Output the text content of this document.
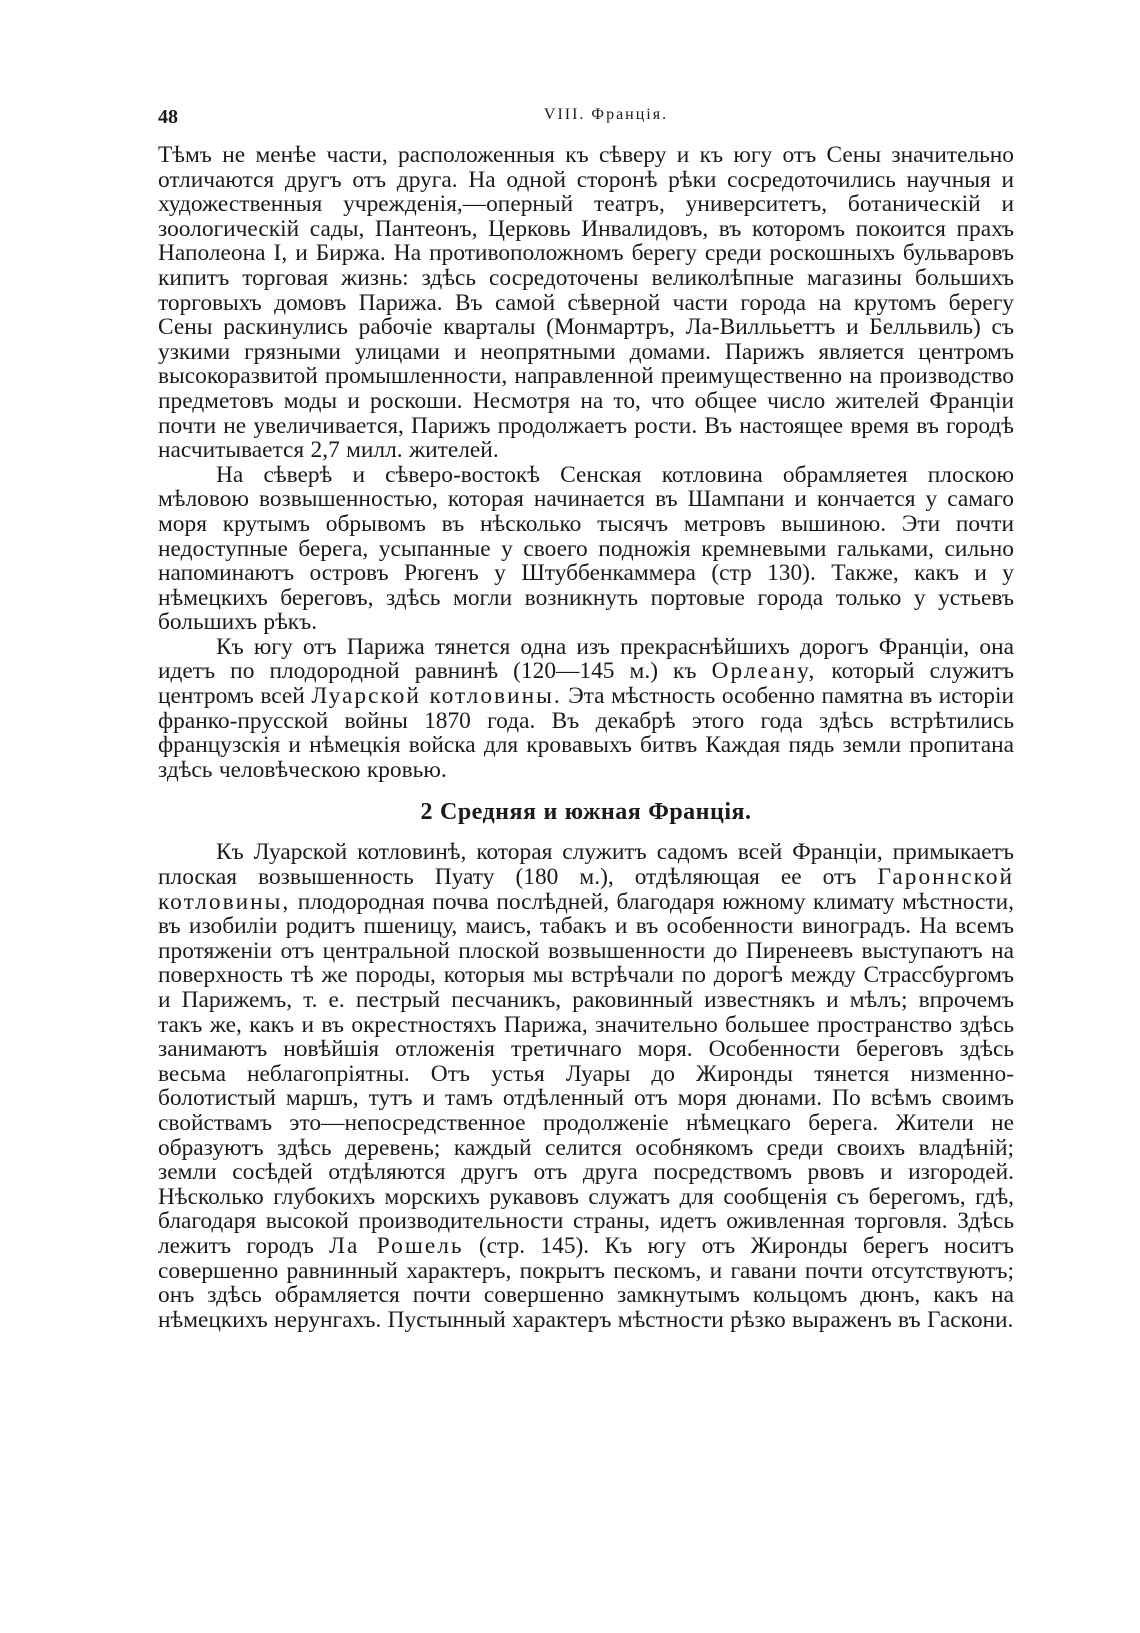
48	VIII. Франція.

Тѣмъ не менѣе части, расположенныя къ сѣверу и къ югу отъ Сены значительно отличаются другъ отъ друга. На одной сторонѣ рѣки сосредоточились научныя и художественныя учрежденія,—оперный театръ, университетъ, ботаническій и зоологическій сады, Пантеонъ, Церковь Инвалидовъ, въ которомъ покоится прахъ Наполеона I, и Биржа. На противоположномъ берегу среди роскошныхъ бульваровъ кипитъ торговая жизнь: здѣсь сосредоточены великолѣпные магазины большихъ торговыхъ домовъ Парижа. Въ самой сѣверной части города на крутомъ берегу Сены раскинулись рабочіе кварталы (Монмартръ, Ла-Виллььеттъ и Белльвиль) съ узкими грязными улицами и неопрятными домами. Парижъ является центромъ высокоразвитой промышленности, направленной преимущественно на производство предметовъ моды и роскоши. Несмотря на то, что общее число жителей Франціи почти не увеличивается, Парижъ продолжаетъ рости. Въ настоящее время въ городѣ насчитывается 2,7 милл. жителей.

На сѣверѣ и сѣверо-востокѣ Сенская котловина обрамляетея плоскою мѣловою возвышенностью, которая начинается въ Шампани и кончается у самаго моря крутымъ обрывомъ въ нѣсколько тысячъ метровъ вышиною. Эти почти недоступные берега, усыпанные у своего подножія кремневыми гальками, сильно напоминаютъ островъ Рюгенъ у Штуббенкаммера (стр 130). Также, какъ и у нѣмецкихъ береговъ, здѣсь могли возникнуть портовые города только у устьевъ большихъ рѣкъ.

Къ югу отъ Парижа тянется одна изъ прекраснѣйшихъ дорогъ Франціи, она идетъ по плодородной равнинѣ (120—145 м.) къ Орлеану, который служитъ центромъ всей Луарской котловины. Эта мѣстность особенно памятна въ исторіи франко-прусской войны 1870 года. Въ декабрѣ этого года здѣсь встрѣтились французскія и нѣмецкія войска для кровавыхъ битвъ Каждая пядь земли пропитана здѣсь человѣческою кровью.

2 Средняя и южная Франція.

Къ Луарской котловинѣ, которая служитъ садомъ всей Франціи, примыкаетъ плоская возвышенность Пуату (180 м.), отдѣляющая ее отъ Гароннской котловины, плодородная почва послѣдней, благодаря южному климату мѣстности, въ изобиліи родитъ пшеницу, маисъ, табакъ и въ особенности виноградъ. На всемъ протяженіи отъ центральной плоской возвышенности до Пиренеевъ выступаютъ на поверхность тѣ же породы, которыя мы встрѣчали по дорогѣ между Страссбургомъ и Парижемъ, т. е. пестрый песчаникъ, раковинный известнякъ и мѣлъ; впрочемъ такъ же, какъ и въ окрестностяхъ Парижа, значительно большее пространство здѣсь занимаютъ новѣйшія отложенія третичнаго моря. Особенности береговъ здѣсь весьма неблагопріятны. Отъ устья Луары до Жиронды тянется низменно-болотистый маршъ, тутъ и тамъ отдѣленный отъ моря дюнами. По всѣмъ своимъ свойствамъ это—непосредственное продолженіе нѣмецкаго берега. Жители не образуютъ здѣсь деревень; каждый селится особнякомъ среди своихъ владѣній; земли сосѣдей отдѣляются другъ отъ друга посредствомъ рвовъ и изгородей. Нѣсколько глубокихъ морскихъ рукавовъ служатъ для сообщенія съ берегомъ, гдѣ, благодаря высокой производительности страны, идетъ оживленная торговля. Здѣсь лежитъ городъ Ла Рошель (стр. 145). Къ югу отъ Жиронды берегъ носитъ совершенно равнинный характеръ, покрытъ пескомъ, и гавани почти отсутствуютъ; онъ здѣсь обрамляется почти совершенно замкнутымъ кольцомъ дюнъ, какъ на нѣмецкихъ нерунгахъ. Пустынный характеръ мѣстности рѣзко выраженъ въ Гаскони.
